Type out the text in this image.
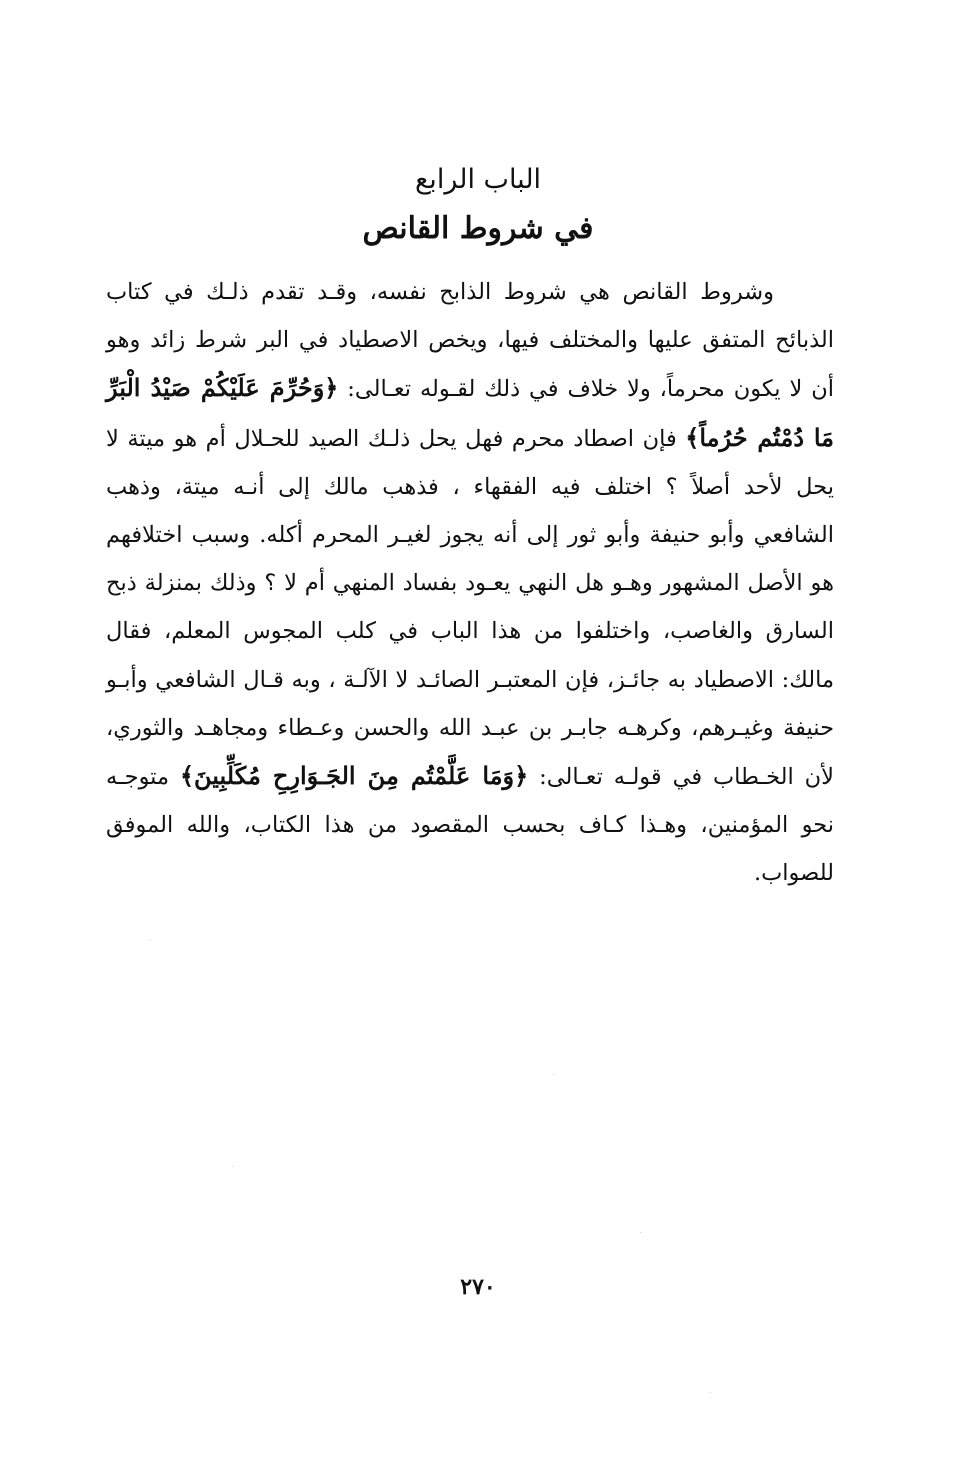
الباب الرابع
في شروط القانص

وشروط القانص هي شروط الذابح نفسه، وقـد تقدم ذلـك في كتاب الذبائح المتفق عليها والمختلف فيها، ويخص الاصطياد في البر شرط زائد وهو أن لا يكون محرماً، ولا خلاف في ذلك لقـوله تعـالى: ﴿وَحُرِّمَ عَلَيْكُمْ صَيْدُ الْبَرِّ مَا دُمْتُم حُرُماً﴾ فإن اصطاد محرم فهل يحل ذلـك الصيد للحـلال أم هو ميتة لا يحل لأحد أصلاً ؟ اختلف فيه الفقهاء ، فذهب مالك إلى أنـه ميتة، وذهب الشافعي وأبو حنيفة وأبو ثور إلى أنه يجوز لغيـر المحرم أكله. وسبب اختلافهم هو الأصل المشهور وهـو هل النهي يعـود بفساد المنهي أم لا ؟ وذلك بمنزلة ذبح السارق والغاصب، واختلفوا من هذا الباب في كلب المجوس المعلم، فقال مالك: الاصطياد به جائـز، فإن المعتبـر الصائـد لا الآلـة ، وبه قـال الشافعي وأبـو حنيفة وغيـرهم، وكرهـه جابـر بن عبـد الله والحسن وعـطاء ومجاهـد والثوري، لأن الخـطاب في قولـه تعـالى: ﴿وَمَا عَلَّمْتُم مِنَ الجَـوَارِحِ مُكَلِّبِينَ﴾ متوجـه نحو المؤمنين، وهـذا كـاف بحسب المقصود من هذا الكتاب، والله الموفق للصواب.

٢٧٠
